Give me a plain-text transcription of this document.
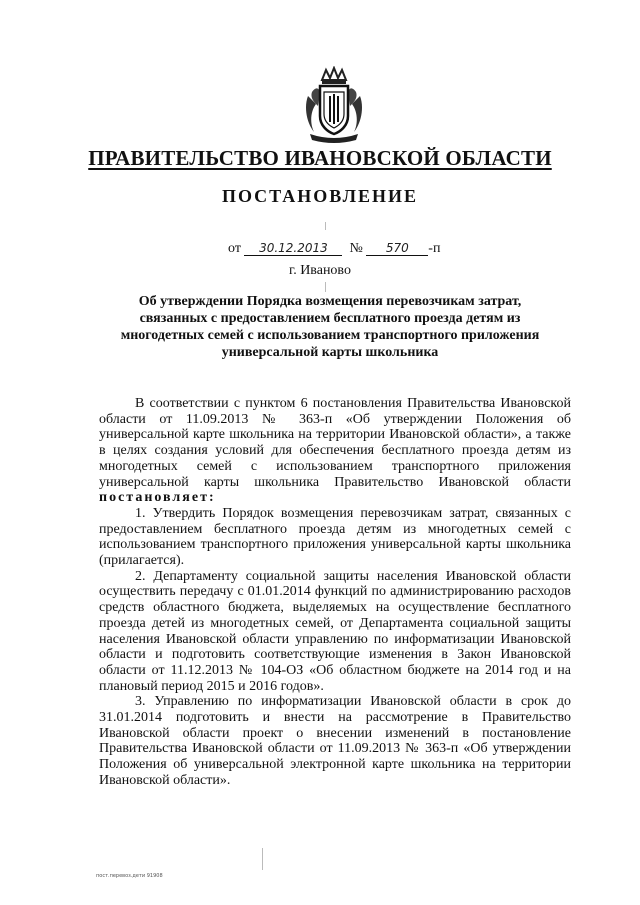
ПРАВИТЕЛЬСТВО ИВАНОВСКОЙ ОБЛАСТИ
ПОСТАНОВЛЕНИЕ
от 30.12.2013 № 570 -п
г. Иваново
Об утверждении Порядка возмещения перевозчикам затрат, связанных с предоставлением бесплатного проезда детям из многодетных семей с использованием транспортного приложения универсальной карты школьника

В соответствии с пунктом 6 постановления Правительства Ивановской области от 11.09.2013 № 363-п «Об утверждении Положения об универсальной карте школьника на территории Ивановской области», а также в целях создания условий для обеспечения бесплатного проезда детям из многодетных семей с использованием транспортного приложения универсальной карты школьника Правительство Ивановской области постановляет:

1. Утвердить Порядок возмещения перевозчикам затрат, связанных с предоставлением бесплатного проезда детям из многодетных семей с использованием транспортного приложения универсальной карты школьника (прилагается).

2. Департаменту социальной защиты населения Ивановской области осуществить передачу с 01.01.2014 функций по администрированию расходов средств областного бюджета, выделяемых на осуществление бесплатного проезда детей из многодетных семей, от Департамента социальной защиты населения Ивановской области управлению по информатизации Ивановской области и подготовить соответствующие изменения в Закон Ивановской области от 11.12.2013 № 104-ОЗ «Об областном бюджете на 2014 год и на плановый период 2015 и 2016 годов».

3. Управлению по информатизации Ивановской области в срок до 31.01.2014 подготовить и внести на рассмотрение в Правительство Ивановской области проект о внесении изменений в постановление Правительства Ивановской области от 11.09.2013 № 363-п «Об утверждении Положения об универсальной электронной карте школьника на территории Ивановской области».

пост.перевоз.дети 91908
